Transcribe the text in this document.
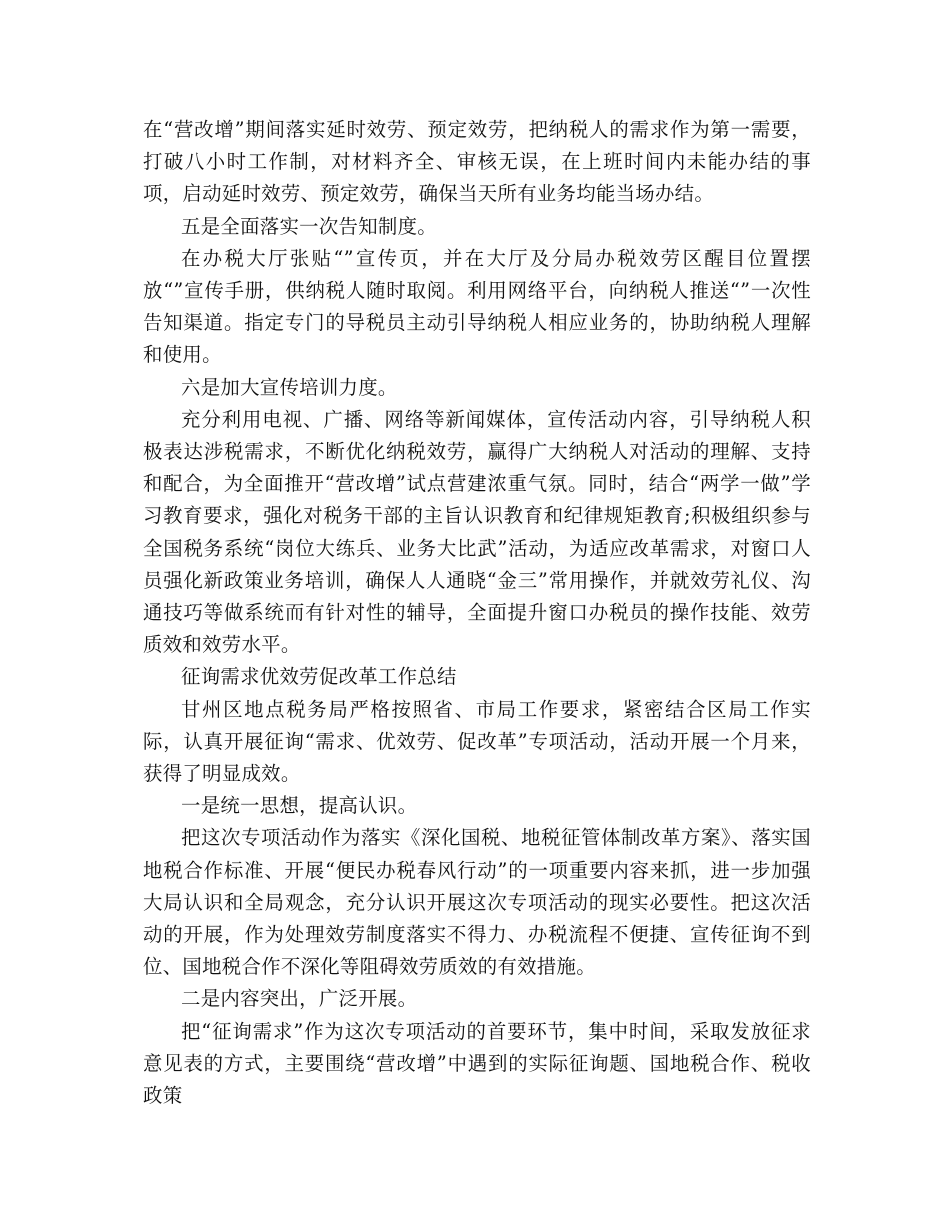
在“营改增”期间落实延时效劳、预定效劳，把纳税人的需求作为第一需要，打破八小时工作制，对材料齐全、审核无误，在上班时间内未能办结的事项，启动延时效劳、预定效劳，确保当天所有业务均能当场办结。

五是全面落实一次告知制度。

在办税大厅张贴“”宣传页，并在大厅及分局办税效劳区醒目位置摆放“”宣传手册，供纳税人随时取阅。利用网络平台，向纳税人推送“”一次性告知渠道。指定专门的导税员主动引导纳税人相应业务的，协助纳税人理解和使用。

六是加大宣传培训力度。

充分利用电视、广播、网络等新闻媒体，宣传活动内容，引导纳税人积极表达涉税需求，不断优化纳税效劳，赢得广大纳税人对活动的理解、支持和配合，为全面推开“营改增”试点营建浓重气氛。同时，结合“两学一做”学习教育要求，强化对税务干部的主旨认识教育和纪律规矩教育;积极组织参与全国税务系统“岗位大练兵、业务大比武”活动，为适应改革需求，对窗口人员强化新政策业务培训，确保人人通晓“金三”常用操作，并就效劳礼仪、沟通技巧等做系统而有针对性的辅导，全面提升窗口办税员的操作技能、效劳质效和效劳水平。

征询需求优效劳促改革工作总结

甘州区地点税务局严格按照省、市局工作要求，紧密结合区局工作实际，认真开展征询“需求、优效劳、促改革”专项活动，活动开展一个月来，获得了明显成效。

一是统一思想，提高认识。

把这次专项活动作为落实《深化国税、地税征管体制改革方案》、落实国地税合作标准、开展“便民办税春风行动”的一项重要内容来抓，进一步加强大局认识和全局观念，充分认识开展这次专项活动的现实必要性。把这次活动的开展，作为处理效劳制度落实不得力、办税流程不便捷、宣传征询不到位、国地税合作不深化等阻碍效劳质效的有效措施。

二是内容突出，广泛开展。

把“征询需求”作为这次专项活动的首要环节，集中时间，采取发放征求意见表的方式，主要围绕“营改增”中遇到的实际征询题、国地税合作、税收政策
